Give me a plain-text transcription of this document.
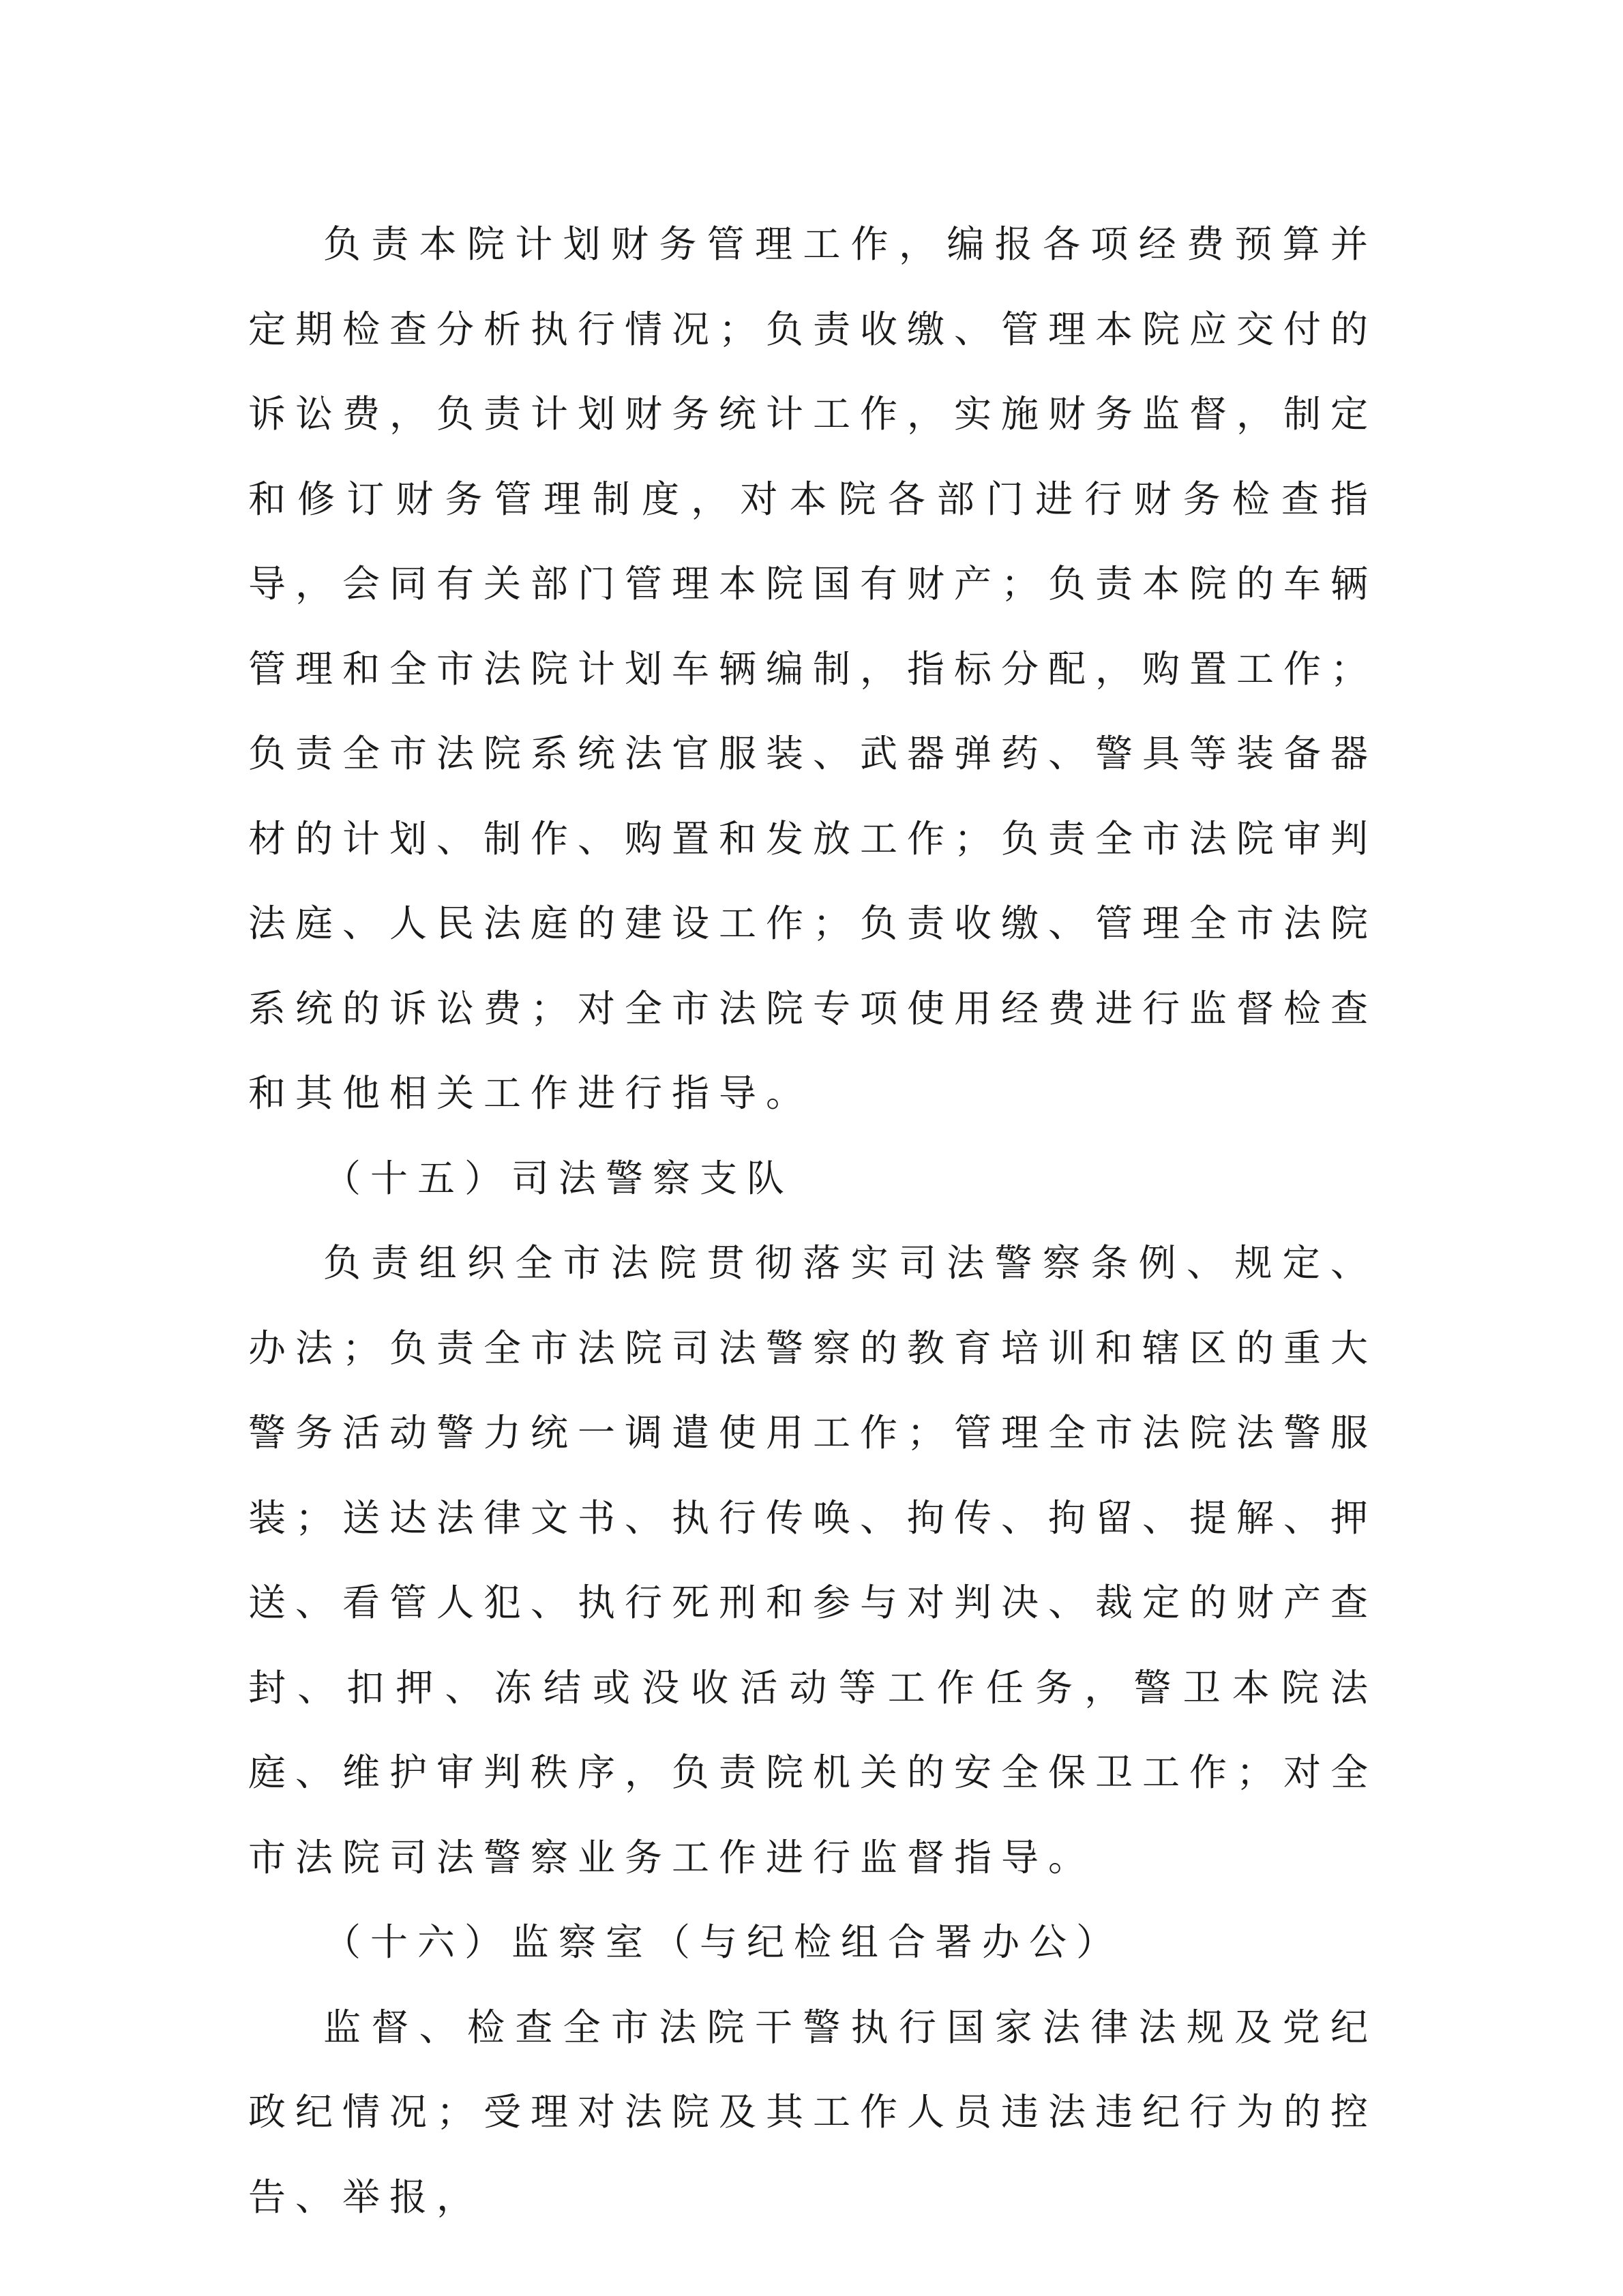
负责本院计划财务管理工作，编报各项经费预算并定期检查分析执行情况；负责收缴、管理本院应交付的诉讼费，负责计划财务统计工作，实施财务监督，制定和修订财务管理制度，对本院各部门进行财务检查指导，会同有关部门管理本院国有财产；负责本院的车辆管理和全市法院计划车辆编制，指标分配，购置工作；负责全市法院系统法官服装、武器弹药、警具等装备器材的计划、制作、购置和发放工作；负责全市法院审判法庭、人民法庭的建设工作；负责收缴、管理全市法院系统的诉讼费；对全市法院专项使用经费进行监督检查和其他相关工作进行指导。

（十五）司法警察支队

负责组织全市法院贯彻落实司法警察条例、规定、办法；负责全市法院司法警察的教育培训和辖区的重大警务活动警力统一调遣使用工作；管理全市法院法警服装；送达法律文书、执行传唤、拘传、拘留、提解、押送、看管人犯、执行死刑和参与对判决、裁定的财产查封、扣押、冻结或没收活动等工作任务，警卫本院法庭、维护审判秩序，负责院机关的安全保卫工作；对全市法院司法警察业务工作进行监督指导。

（十六）监察室（与纪检组合署办公）

监督、检查全市法院干警执行国家法律法规及党纪政纪情况；受理对法院及其工作人员违法违纪行为的控告、举报，
